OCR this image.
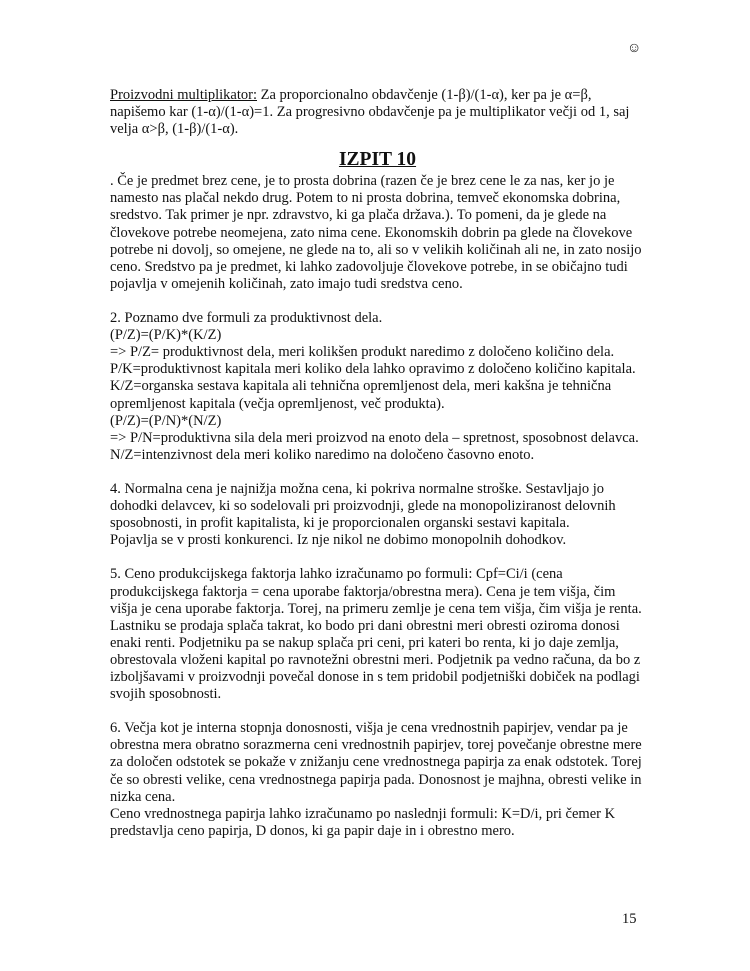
☺

Proizvodni multiplikator: Za proporcionalno obdavčenje (1-β)/(1-α), ker pa je α=β, napišemo kar (1-α)/(1-α)=1. Za progresivno obdavčenje pa je multiplikator večji od 1, saj velja α>β, (1-β)/(1-α).

IZPIT 10

. Če je predmet brez cene, je to prosta dobrina (razen če je brez cene le za nas, ker jo je namesto nas plačal nekdo drug. Potem to ni prosta dobrina, temveč ekonomska dobrina, sredstvo. Tak primer je npr. zdravstvo, ki ga plača država.). To pomeni, da je glede na človekove potrebe neomejena, zato nima cene. Ekonomskih dobrin pa glede na človekove potrebe ni dovolj, so omejene, ne glede na to, ali so v velikih količinah ali ne, in zato nosijo ceno. Sredstvo pa je predmet, ki lahko zadovoljuje človekove potrebe, in se običajno tudi pojavlja v omejenih količinah, zato imajo tudi sredstva ceno.

2. Poznamo dve formuli za produktivnost dela.

(P/Z)=(P/K)*(K/Z)

=> P/Z= produktivnost dela, meri kolikšen produkt naredimo z določeno količino dela. P/K=produktivnost kapitala meri koliko dela lahko opravimo z določeno količino kapitala. K/Z=organska sestava kapitala ali tehnična opremljenost dela, meri kakšna je tehnična opremljenost kapitala (večja opremljenost, več produkta).

(P/Z)=(P/N)*(N/Z)

=> P/N=produktivna sila dela meri proizvod na enoto dela – spretnost, sposobnost delavca. N/Z=intenzivnost dela meri koliko naredimo na določeno časovno enoto.

4. Normalna cena je najnižja možna cena, ki pokriva normalne stroške. Sestavljajo jo dohodki delavcev, ki so sodelovali pri proizvodnji, glede na monopoliziranost delovnih sposobnosti, in profit kapitalista, ki je proporcionalen organski sestavi kapitala.

Pojavlja se v prosti konkurenci. Iz nje nikol ne dobimo monopolnih dohodkov.

5. Ceno produkcijskega faktorja lahko izračunamo po formuli: Cpf=Ci/i (cena produkcijskega faktorja = cena uporabe faktorja/obrestna mera). Cena je tem višja, čim višja je cena uporabe faktorja. Torej, na primeru zemlje je cena tem višja, čim višja je renta. Lastniku se prodaja splača takrat, ko bodo pri dani obrestni meri obresti oziroma donosi enaki renti. Podjetniku pa se nakup splača pri ceni, pri kateri bo renta, ki jo daje zemlja, obrestovala vloženi kapital po ravnotežni obrestni meri. Podjetnik pa vedno računa, da bo z izboljšavami v proizvodnji povečal donose in s tem pridobil podjetniški dobiček na podlagi svojih sposobnosti.

6. Večja kot je interna stopnja donosnosti, višja je cena vrednostnih papirjev, vendar pa je obrestna mera obratno sorazmerna ceni vrednostnih papirjev, torej povečanje obrestne mere za določen odstotek se pokaže v znižanju cene vrednostnega papirja za enak odstotek. Torej če so obresti velike, cena vrednostnega papirja pada. Donosnost je majhna, obresti velike in nizka cena.

Ceno vrednostnega papirja lahko izračunamo po naslednji formuli: K=D/i, pri čemer K predstavlja ceno papirja, D donos, ki ga papir daje in i obrestno mero.

15
